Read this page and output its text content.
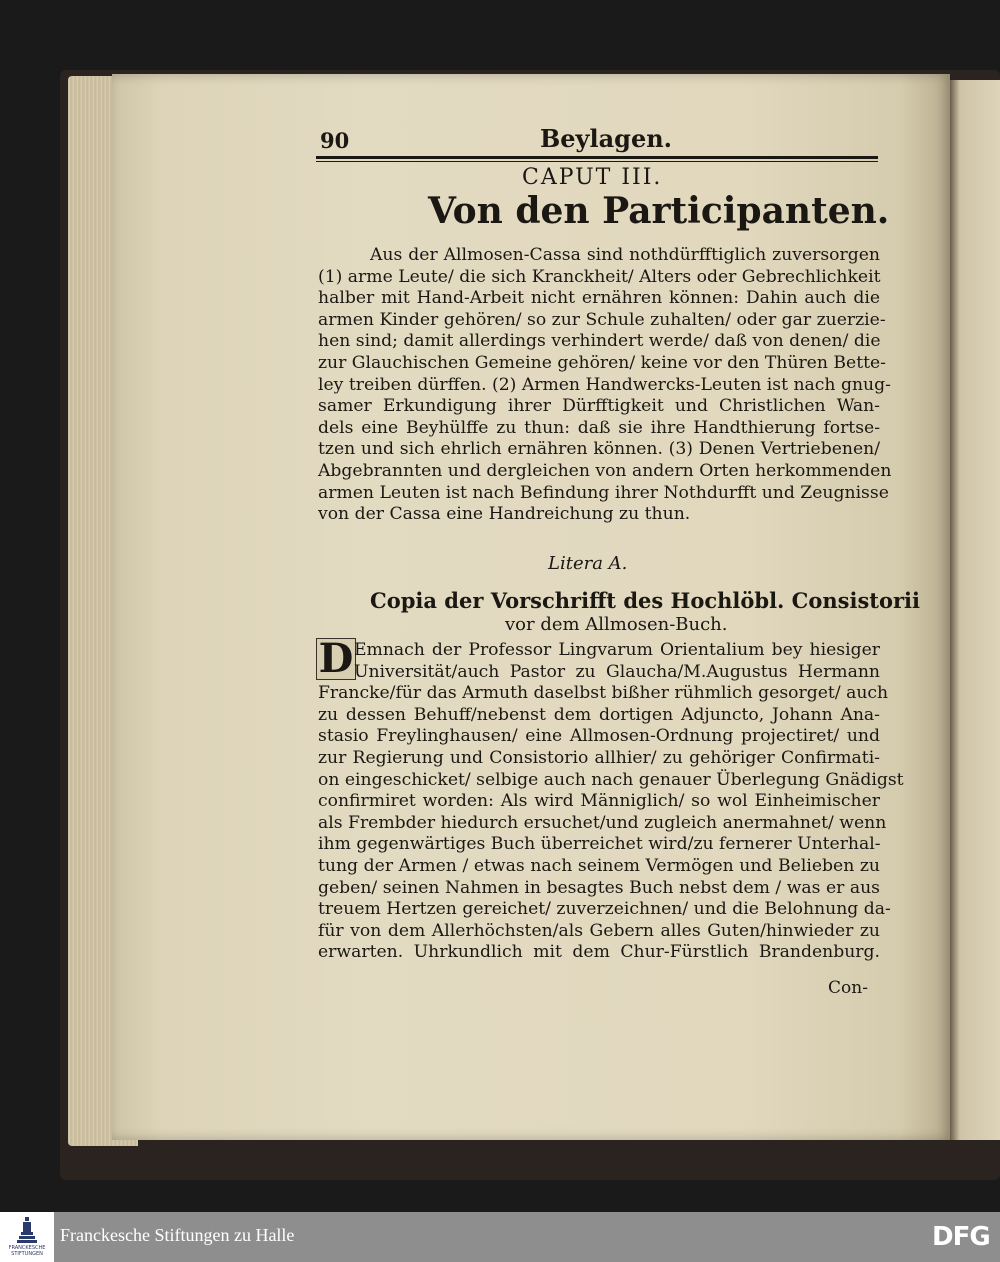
90	Beylagen.
CAPUT III.
Von den Participanten.
Aus der Allmosen-Cassa sind nothdürfftiglich zuversorgen
(1) arme Leute/ die sich Kranckheit/ Alters oder Gebrechlichkeit
halber mit Hand-Arbeit nicht ernähren können: Dahin auch die
armen Kinder gehören/ so zur Schule zuhalten/ oder gar zuerzie-
hen sind; damit allerdings verhindert werde/ daß von denen/ die
zur Glauchischen Gemeine gehören/ keine vor den Thüren Bette-
ley treiben dürffen. (2) Armen Handwercks-Leuten ist nach gnug-
samer Erkundigung ihrer Dürfftigkeit und Christlichen Wan-
dels eine Beyhülffe zu thun: daß sie ihre Handthierung fortse-
tzen und sich ehrlich ernähren können. (3) Denen Vertriebenen/
Abgebrannten und dergleichen von andern Orten herkommenden
armen Leuten ist nach Befindung ihrer Nothdurfft und Zeugnisse
von der Cassa eine Handreichung zu thun.
Litera A.
Copia der Vorschrifft des Hochlöbl. Consistorii
vor dem Allmosen-Buch.
D Emnach der Professor Lingvarum Orientalium bey hiesiger
Universität/auch Pastor zu Glaucha/M.Augustus Hermann
Francke/für das Armuth daselbst bißher rühmlich gesorget/ auch
zu dessen Behuff/nebenst dem dortigen Adjuncto, Johann Ana-
stasio Freylinghausen/ eine Allmosen-Ordnung projectiret/ und
zur Regierung und Consistorio allhier/ zu gehöriger Confirmati-
on eingeschicket/ selbige auch nach genauer Überlegung Gnädigst
confirmiret worden: Als wird Männiglich/ so wol Einheimischer
als Frembder hiedurch ersuchet/und zugleich anermahnet/ wenn
ihm gegenwärtiges Buch überreichet wird/zu fernerer Unterhal-
tung der Armen / etwas nach seinem Vermögen und Belieben zu
geben/ seinen Nahmen in besagtes Buch nebst dem / was er aus
treuem Hertzen gereichet/ zuverzeichnen/ und die Belohnung da-
für von dem Allerhöchsten/als Gebern alles Guten/hinwieder zu
erwarten. Uhrkundlich mit dem Chur-Fürstlich Brandenburg.
Con-
FRANCKESCHE
STIFTUNGEN
Franckesche Stiftungen zu Halle	DFG
